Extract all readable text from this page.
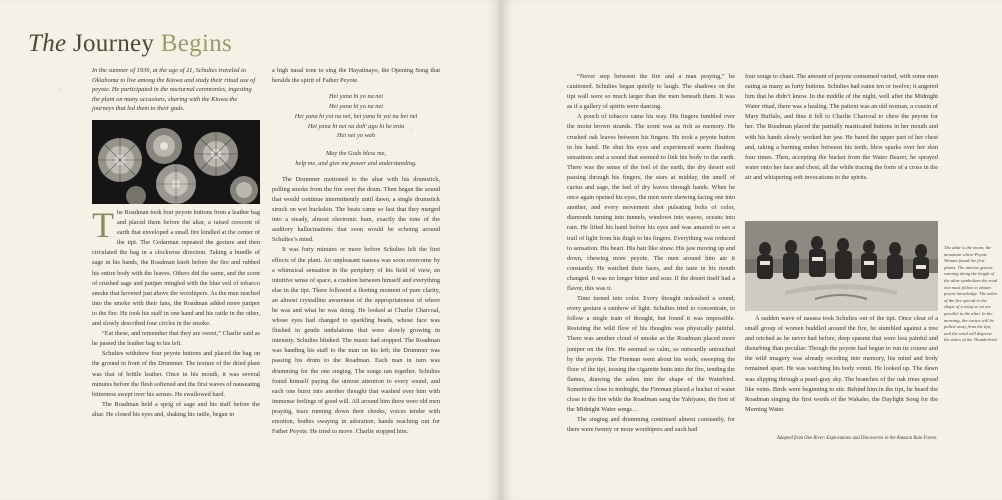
The Journey Begins
In the summer of 1936, at the age of 21, Schultes traveled to Oklahoma to live among the Kiowa and study their ritual use of peyote. He participated in the nocturnal ceremonies, ingesting the plant on many occasions, sharing with the Kiowa the journeys that led them to their gods.

The Roadman took four peyote buttons from a leather bag and placed them before the altar, a raised crescent of earth that enveloped a small fire kindled at the center of the tipi. The Cedarman repeated the gesture and then circulated the bag in a clockwise direction. Taking a bundle of sage in his hands, the Roadman knelt before the fire and rubbed his entire body with the leaves. Others did the same, and the scent of crushed sage and juniper mingled with the blue veil of tobacco smoke that hovered just above the worshipers. As the men reached into the smoke with their fans, the Roadman added more juniper to the fire. He took his staff in one hand and his rattle in the other, and slowly described four circles in the smoke.

“Eat these, and remember that they are sweet,” Charlie said as he passed the leather bag to his left.

Schultes withdrew four peyote buttons and placed the bag on the ground in front of the Drummer. The texture of the dried plant was that of brittle leather. Once in his mouth, it was several minutes before the flesh softened and the first waves of nauseating bitterness swept over his senses. He swallowed hard.

The Roadman held a sprig of sage and his staff before the altar. He closed his eyes and, shaking his rattle, began in

a high nasal tone to sing the Hayatinayo, the Opening Song that heralds the spirit of Father Peyote.

Hei yana hi yo na nei
Hei yana hi yo na nei
Hei yana hi yoi na nei, hei yana hi yoi na hei nei
Hei yana hi nei na doh' ago hi he enia
Hei nei yo wah
May the Gods bless me,
help me, and give me power and understanding.

The Drummer motioned to the altar with his drumstick, pulling smoke from the fire over the drum. Then began the sound that would continue intermittently until dawn, a single drumstick struck on wet buckskin. The beats came so fast that they merged into a steady, almost electronic hum, exactly the tone of the auditory hallucinations that soon would be echoing around Schultes’s mind.

It was forty minutes or more before Schultes felt the first effects of the plant. An unpleasant nausea was soon overcome by a whimsical sensation in the periphery of his field of view, an intuitive sense of space, a cushion between himself and everything else in the tipi. There followed a fleeting moment of pure clarity, an almost crystalline awareness of the appropriateness of where he was and what he was doing. He looked at Charlie Charcoal, whose eyes had changed to sparkling beads, whose face was flushed in gentle undulations that were slowly growing in intensity. Schultes blinked. The music had stopped. The Roadman was handing his staff to the man on his left; the Drummer was passing his drum to the Roadman. Each man in turn was drumming for the one singing. The songs ran together. Schultes found himself paying the utmost attention to every sound, and each one burst into another thought that washed over him with immense feelings of good will. All around him there were old men praying, tears running down their cheeks, voices tender with emotion, bodies swaying in adoration, hands reaching out for Father Peyote. He tried to move. Charlie stopped him.

“Never step between the fire and a man praying,” he cautioned. Schultes began quietly to laugh. The shadows on the tipi wall were so much larger than the men beneath them. It was as if a gallery of spirits were dancing.

A pouch of tobacco came his way. His fingers fumbled over the moist brown strands. The scent was as rich as memory. He crushed oak leaves between his fingers. He took a peyote button in his hand. He shut his eyes and experienced warm flushing sensations and a sound that seemed to link his body to the earth. There was the sense of the feel of the earth, the dry desert soil passing through his fingers, the stars at midday, the smell of cactus and sage, the feel of dry leaves through hands. When he once again opened his eyes, the men were showing facing one into another, and every movement shot pulsating bolts of color, diamonds turning into tunnels, windows into waves, oceans into rain. He lifted his hand before his eyes and was amazed to see a trail of light from his thigh to his fingers. Everything was reduced to sensation. His heart. His hair like straw. His jaw moving up and down, chewing more peyote. The men around him ate it constantly. He watched their faces, and the taste in his mouth changed. It was no longer bitter and sour. If the desert itself had a flavor, this was it.

Time turned into color. Every thought unleashed a sound, every gesture a rainbow of light. Schultes tried to concentrate, to follow a single train of thought, but found it was impossible. Resisting the wild flow of his thoughts was physically painful. There was another cloud of smoke as the Roadman placed more juniper on the fire. He seemed so calm, so outwardly untouched by the peyote. The Fireman went about his work, sweeping the floor of the tipi, tossing the cigarette butts into the fire, tending the flames, drawing the ashes into the shape of the Waterbird. Sometime close to midnight, the Fireman placed a bucket of water close to the fire while the Roadman sang the Yahiyano, the first of the Midnight Water songs…

The singing and drumming continued almost constantly, for there were twenty or more worshipers and each had

four songs to chant. The amount of peyote consumed varied, with some men eating as many as forty buttons. Schultes had eaten ten or twelve; it angered him that he didn’t know. In the middle of the night, well after the Midnight Water ritual, there was a healing. The patient was an old woman, a cousin of Mary Buffalo, and thus it fell to Charlie Charcoal to chew the peyote for her. The Roadman placed the partially masticated buttons in her mouth and with his hands slowly worked her jaw. He bared the upper part of her chest and, taking a burning ember between his teeth, blew sparks over her skin four times. Then, accepting the bucket from the Water Bearer, he sprayed water onto her face and chest, all the while tracing the form of a cross in the air and whispering soft invocations to the spirits.

The altar is the moon, the mountain where Peyote Woman found the first plants. The narrow groove running along the length of the altar symbolizes the road one must follow to obtain peyote knowledge. The ashes of the fire spread in the shape of a wing or an arc parallel to the altar. In the morning, the cactus will be pulled away from the tipi, and the wind will disperse the ashes of the Thunderbird.

A sudden wave of nausea took Schultes out of the tipi. Once clear of a small group of women huddled around the fire, he stumbled against a tree and retched as he never had before, deep spasms that were less painful and disturbing than peculiar. Though the peyote had begun to run its course and the wild imagery was already receding into memory, his mind and body remained apart. He was watching his body vomit. He looked up. The dawn was slipping through a pearl-gray sky. The branches of the oak trees spread like veins. Birds were beginning to stir. Behind him in the tipi, he heard the Roadman singing the first words of the Wakaho, the Daylight Song for the Morning Water.

Adapted from One River: Explorations and Discoveries in the Amazon Rain Forest.
